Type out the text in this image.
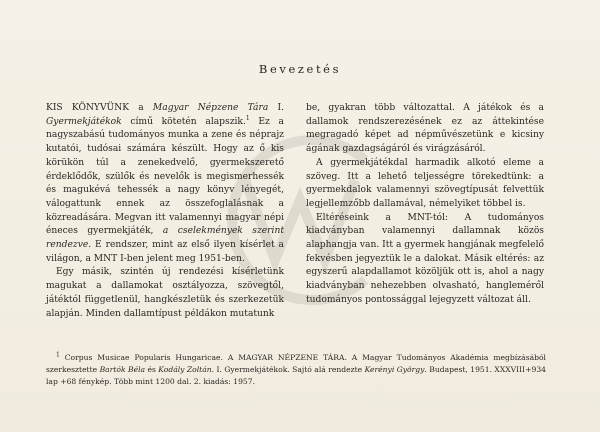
Bevezetés

KIS KÖNYVÜNK a Magyar Népzene Tára I. Gyermekjátékok című kötetén alapszik.$^1$ Ez a nagyszabású tudományos munka a zene és népraјz kutatói, tudósai számára készült. Hogy az ő kis körükön túl a zenekedvelő, gyermekszerető érdeklődők, szülők és nevelők is megismerhessék és magukévá tehessék a nagy könyv lényegét, válogattunk ennek az összefoglalásnak a közreadására. Megvan itt valamennyi magyar népi éneces gyermekjáték, a cselekmények szerint rendezve. E rendszer, mint az első ilyen kísérlet a világon, a MNT I-ben jelent meg 1951-ben.

Egy másik, szintén új rendezési kísérletünk magukat a dallamokat osztályozza, szövegtől, játéktól függetlenül, hangkészletük és szerkezetük alapján. Minden dallamtípust példákon mutatunk

be, gyakran több változattal. A játékok és a dallamok rendszerezésének ez az áttekintése megragadó képet ad népművészetünk e kicsiny ágának gazdagságáról és virágzásáról.

A gyermekjátékdal harmadik alkotó eleme a szöveg. Itt a lehető teljességre törekedtünk: a gyermekdalok valamennyi szövegtípusát felvettük legjellemzőbb dallamával, némelyiket többel is.

Eltéréseink a MNT-tól: A tudományos kiadványban valamennyi dallamnak közös alaphangja van. Itt a gyermek hangjának megfelelő fekvésben jegyeztük le a dalokat. Másik eltérés: az egyszerű alapdallamot közöljük ott is, ahol a nagy kiadványban nehezebben olvasható, hangleméről tudományos pontossággal lejegyzett változat áll.

$^1$ Corpus Musicae Popularis Hungaricae. A MAGYAR NÉPZENE TÁRA. A Magyar Tudományos Akadémia megbízásából szerkesztette Bartók Béla és Kodály Zoltán. I. Gyermekjátékok. Sajtó alá rendezte Kerényi György. Budapest, 1951. XXXVIII+934 lap +68 fénykép. Több mint 1200 dal. 2. kiadás: 1957.
